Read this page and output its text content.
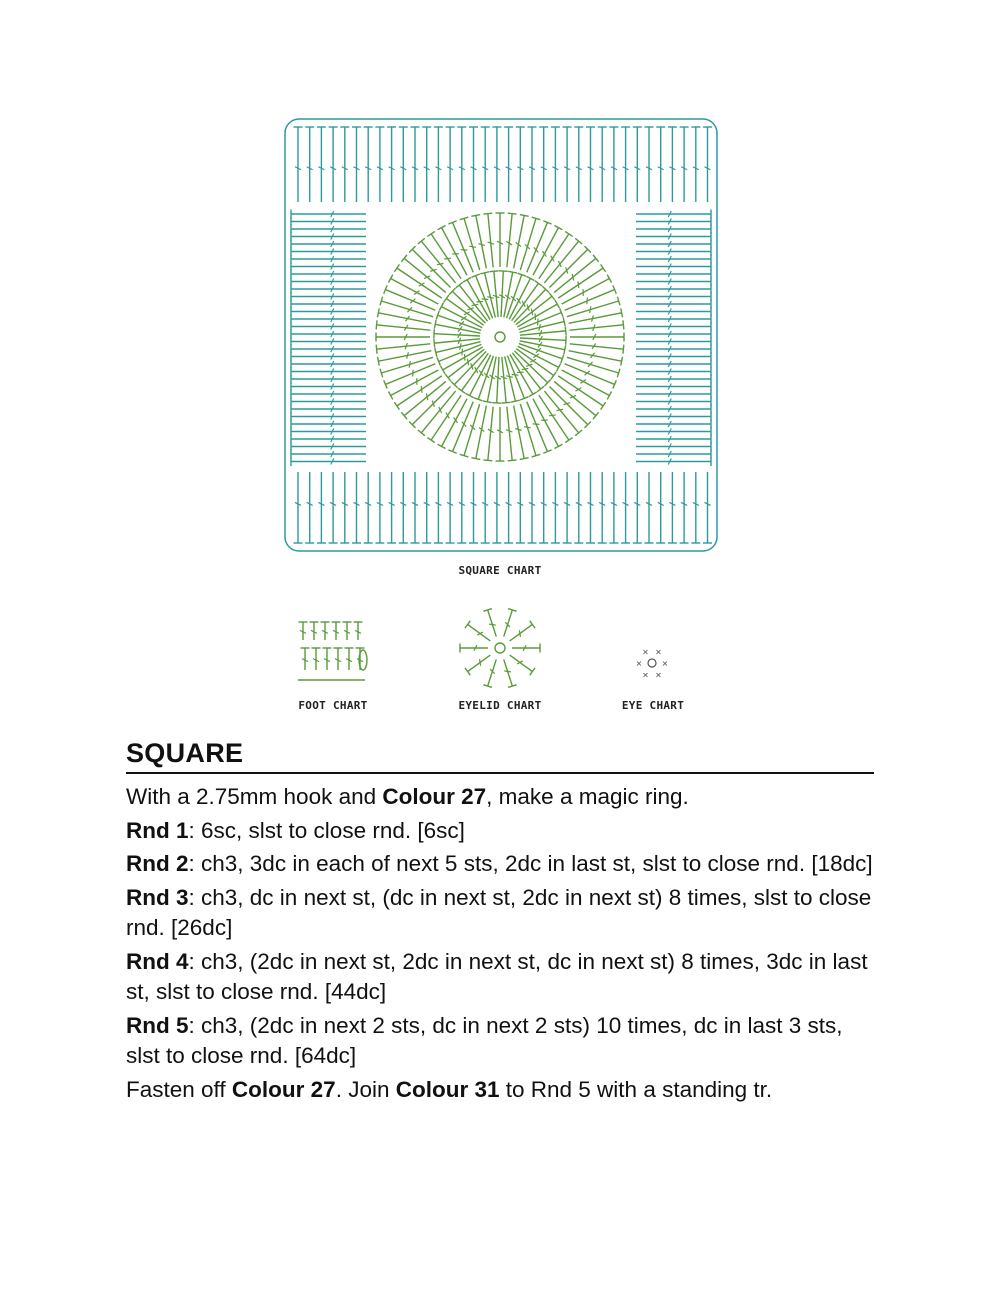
×
×
×
×
× ×
SQUARE CHART
FOOT CHART	EYELID CHART	EYE CHART
SQUARE

With a 2.75mm hook and Colour 27, make a magic ring.

Rnd 1: 6sc, slst to close rnd. [6sc]

Rnd 2: ch3, 3dc in each of next 5 sts, 2dc in last st, slst to close rnd. [18dc]

Rnd 3: ch3, dc in next st, (dc in next st, 2dc in next st) 8 times, slst to close rnd. [26dc]

Rnd 4: ch3, (2dc in next st, 2dc in next st, dc in next st) 8 times, 3dc in last st, slst to close rnd. [44dc]

Rnd 5: ch3, (2dc in next 2 sts, dc in next 2 sts) 10 times, dc in last 3 sts, slst to close rnd. [64dc]

Fasten off Colour 27. Join Colour 31 to Rnd 5 with a standing tr.
